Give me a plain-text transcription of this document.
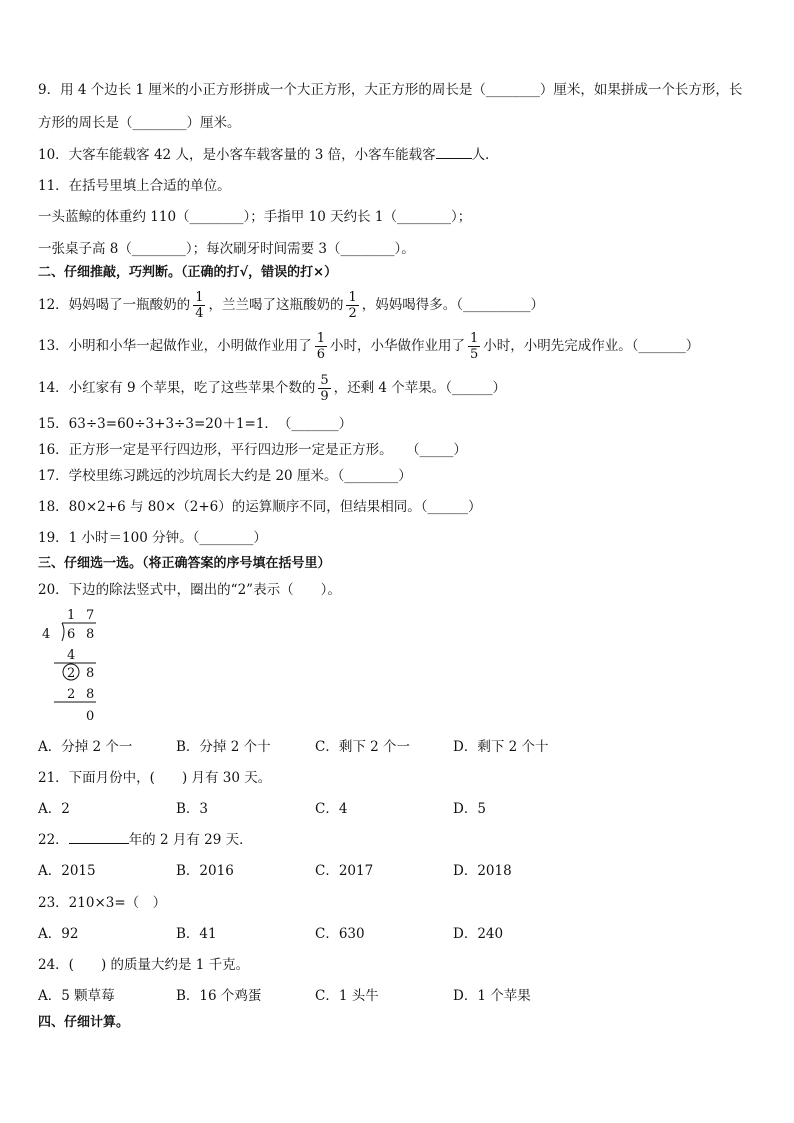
9．用 4 个边长 1 厘米的小正方形拼成一个大正方形，大正方形的周长是（________）厘米，如果拼成一个长方形，长
方形的周长是（________）厘米。
10．大客车能载客 42 人，是小客车载客量的 3 倍，小客车能载客	人．
11．在括号里填上合适的单位。
一头蓝鲸的体重约 110（________）；手指甲 10 天约长 1（________）；
一张桌子高 8（________）；每次刷牙时间需要 3（________）。
二、仔细推敲，巧判断。（正确的打√，错误的打×）
12．妈妈喝了一瓶酸奶的 $\frac{1}{4}$ ，兰兰喝了这瓶酸奶的 $\frac{1}{2}$ ，妈妈喝得多。（__________）
13．小明和小华一起做作业，小明做作业用了 $\frac{1}{6}$ 小时，小华做作业用了 $\frac{1}{5}$ 小时，小明先完成作业。（_______）
14．小红家有 9 个苹果，吃了这些苹果个数的 $\frac{5}{9}$ ，还剩 4 个苹果。（______）
15．63÷3=60÷3+3÷3=20＋1=1．　（_______）
16．正方形一定是平行四边形，平行四边形一定是正方形。　　（_____）
17．学校里练习跳远的沙坑周长大约是 20 厘米。（________）
18．80×2+6 与 80×（2+6）的运算顺序不同，但结果相同。（______）
19．1 小时＝100 分钟。（________）
三、仔细选一选。（将正确答案的序号填在括号里）
20．下边的除法竖式中，圈出的“2”表示（　　）。
1 7
4 6 8
4
2 8
2 8
0
A．分掉 2 个一	B．分掉 2 个十	C．剩下 2 个一	D．剩下 2 个十
21．下面月份中，(　　) 月有 30 天。
A．2	B．3	C．4	D．5
22．	年的 2 月有 29 天．
A．2015	B．2016	C．2017	D．2018
23．210×3=（　）
A．92	B．41	C．630	D．240
24．(　　) 的质量大约是 1 千克。
A．5 颗草莓	B．16 个鸡蛋	C．1 头牛	D．1 个苹果
四、仔细计算。
